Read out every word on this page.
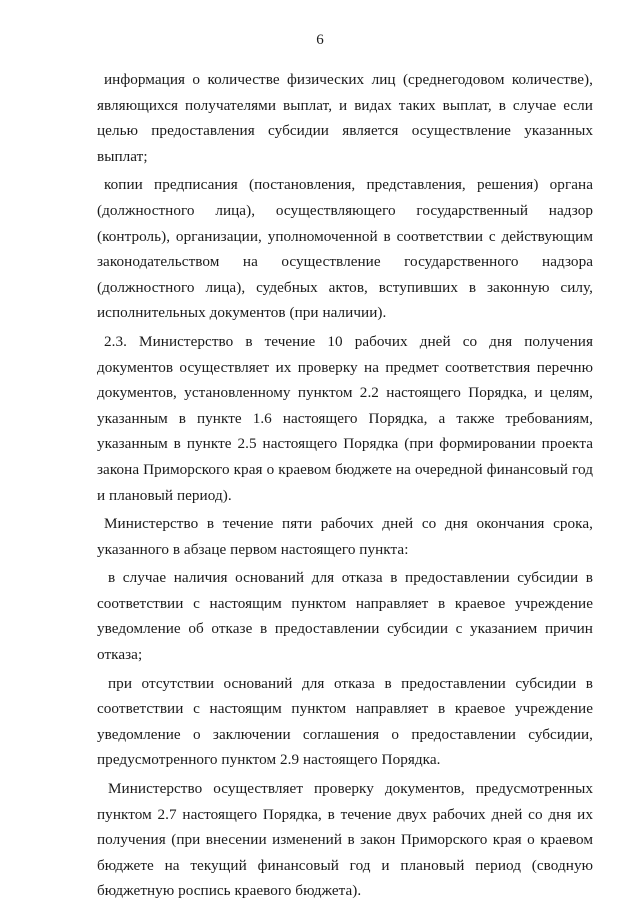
6

информация о количестве физических лиц (среднегодовом количестве), являющихся получателями выплат, и видах таких выплат, в случае если целью предоставления субсидии является осуществление указанных выплат;

копии предписания (постановления, представления, решения) органа (должностного лица), осуществляющего государственный надзор (контроль), организации, уполномоченной в соответствии с действующим законодательством на осуществление государственного надзора (должностного лица), судебных актов, вступивших в законную силу, исполнительных документов (при наличии).

2.3. Министерство в течение 10 рабочих дней со дня получения документов осуществляет их проверку на предмет соответствия перечню документов, установленному пунктом 2.2 настоящего Порядка, и целям, указанным в пункте 1.6 настоящего Порядка, а также требованиям, указанным в пункте 2.5 настоящего Порядка (при формировании проекта закона Приморского края о краевом бюджете на очередной финансовый год и плановый период).

Министерство в течение пяти рабочих дней со дня окончания срока, указанного в абзаце первом настоящего пункта:

в случае наличия оснований для отказа в предоставлении субсидии в соответствии с настоящим пунктом направляет в краевое учреждение уведомление об отказе в предоставлении субсидии с указанием причин отказа;

при отсутствии оснований для отказа в предоставлении субсидии в соответствии с настоящим пунктом направляет в краевое учреждение уведомление о заключении соглашения о предоставлении субсидии, предусмотренного пунктом 2.9 настоящего Порядка.

Министерство осуществляет проверку документов, предусмотренных пунктом 2.7 настоящего Порядка, в течение двух рабочих дней со дня их получения (при внесении изменений в закон Приморского края о краевом бюджете на текущий финансовый год и плановый период (сводную бюджетную роспись краевого бюджета).
